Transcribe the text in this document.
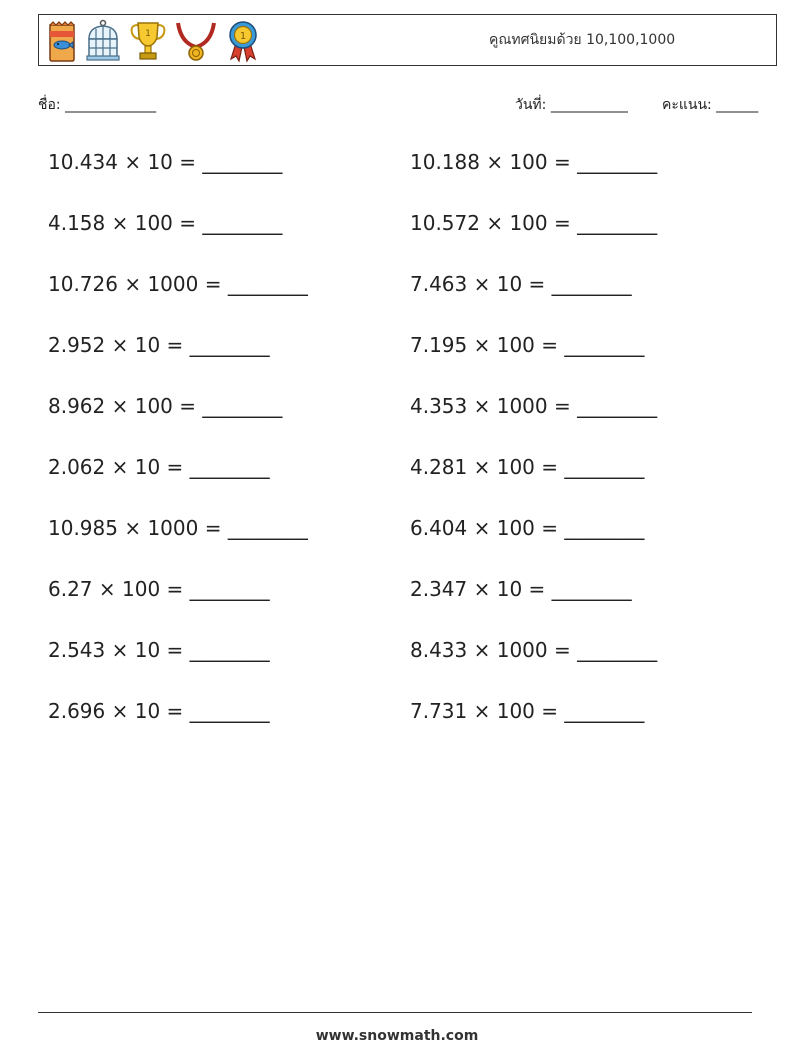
1	1	คูณทศนิยมด้วย 10,100,1000
ชื่อ: _____________	วันที่: ___________ คะแนน: ______
10.434 × 10 = ________	10.188 × 100 = ________
4.158 × 100 = ________	10.572 × 100 = ________
10.726 × 1000 = ________	7.463 × 10 = ________
2.952 × 10 = ________	7.195 × 100 = ________
8.962 × 100 = ________	4.353 × 1000 = ________
2.062 × 10 = ________	4.281 × 100 = ________
10.985 × 1000 = ________	6.404 × 100 = ________
6.27 × 100 = ________	2.347 × 10 = ________
2.543 × 10 = ________	8.433 × 1000 = ________
2.696 × 10 = ________	7.731 × 100 = ________
www.snowmath.com
